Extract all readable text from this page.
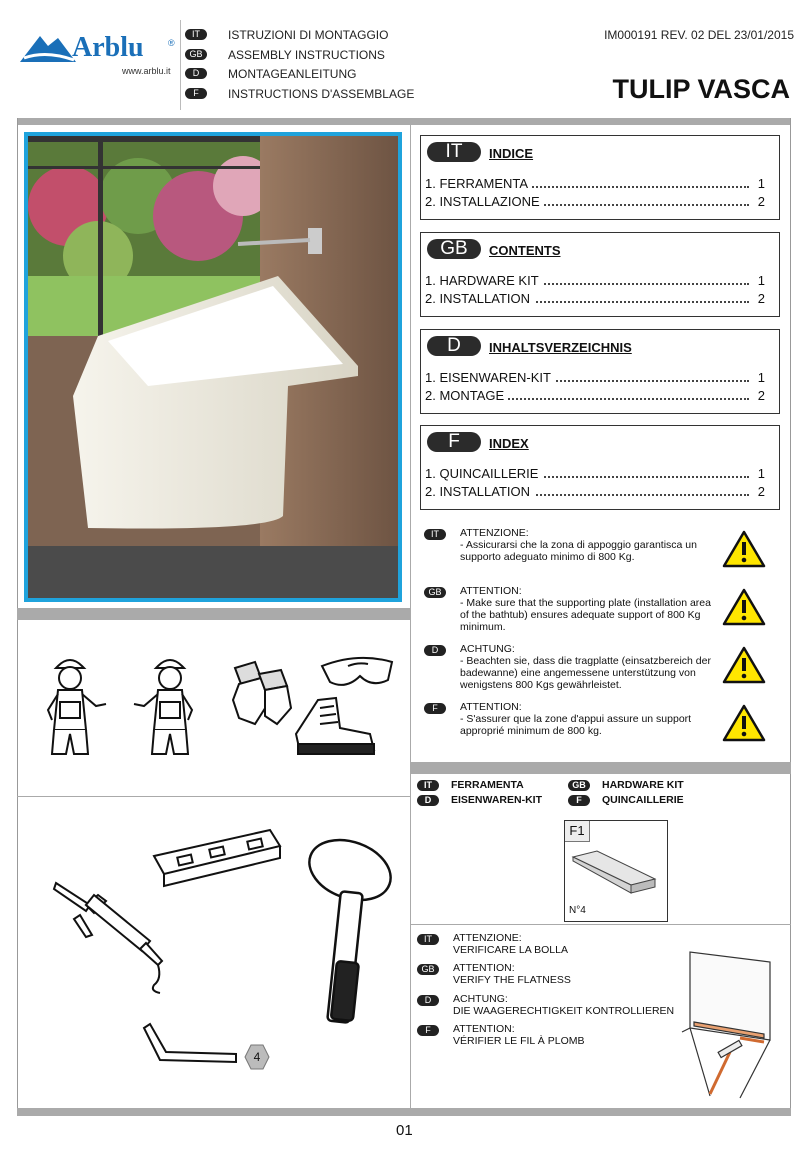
Arblu	®
www.arblu.it
IT	ISTRUZIONI DI MONTAGGIO
GB	ASSEMBLY INSTRUCTIONS
D	MONTAGEANLEITUNG
F	INSTRUCTIONS D'ASSEMBLAGE
IM000191 REV. 02 DEL 23/01/2015
TULIP VASCA
IT	INDICE
1. FERRAMENTA	1
2. INSTALLAZIONE	2
GB	CONTENTS
1. HARDWARE KIT	1
2. INSTALLATION	2
D	INHALTSVERZEICHNIS
1. EISENWAREN-KIT	1
2. MONTAGE	2
F	INDEX
1. QUINCAILLERIE	1
2. INSTALLATION	2
IT	ATTENZIONE:
- Assicurarsi che la zona di appoggio garantisca un supporto adeguato minimo di 800 Kg.
GB	ATTENTION:
- Make sure that the supporting plate (installation area of the bathtub) ensures adequate support of 800 Kg minimum.
D	ACHTUNG:
- Beachten sie, dass die tragplatte (einsatzbereich der badewanne) eine angemessene unterstützung von wenigstens 800 Kgs gewährleistet.
F	ATTENTION:
- S'assurer que la zone d'appui assure un support approprié minimum de 800 kg.
4
IT	FERRAMENTA
D	EISENWAREN-KIT
GB	HARDWARE KIT
F	QUINCAILLERIE
F1
N°4
IT	ATTENZIONE:
VERIFICARE LA BOLLA
GB	ATTENTION:
VERIFY THE FLATNESS
D	ACHTUNG:
DIE WAAGERECHTIGKEIT KONTROLLIEREN
F	ATTENTION:
VÉRIFIER LE FIL À PLOMB
01
